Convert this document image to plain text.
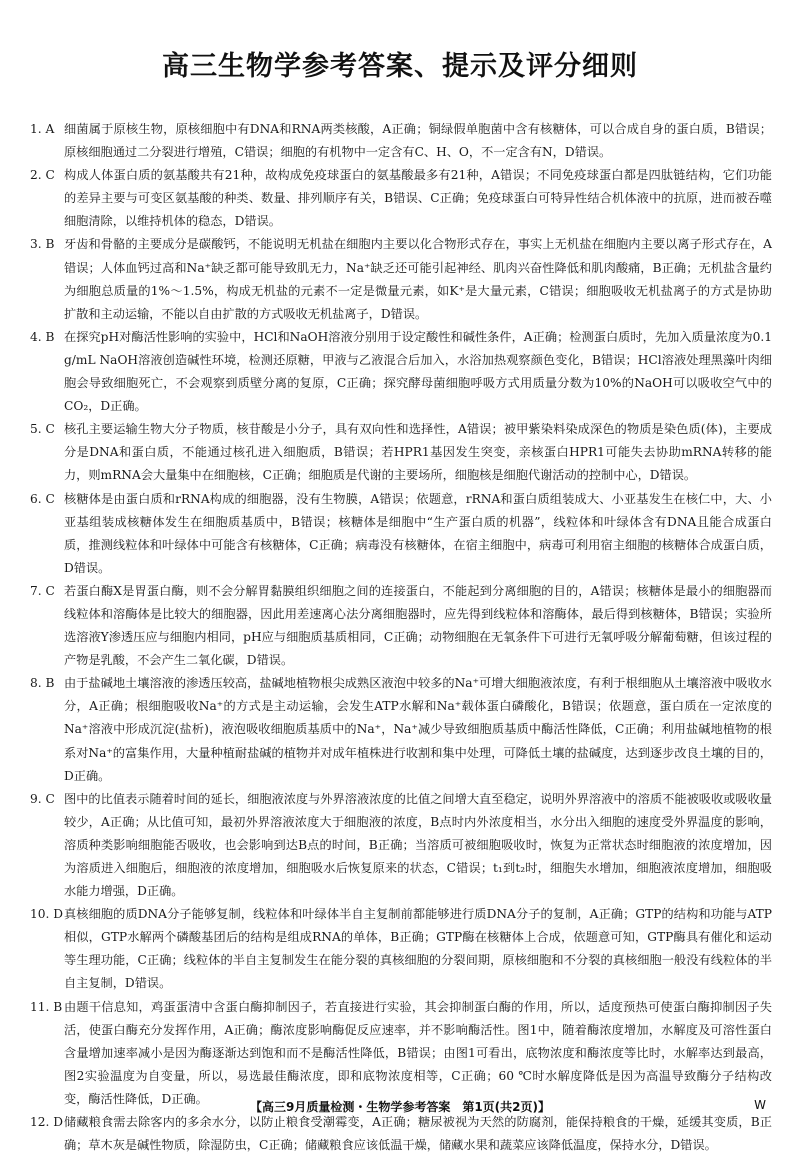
高三生物学参考答案、提示及评分细则

1. A 细菌属于原核生物，原核细胞中有DNA和RNA两类核酸，A正确；铜绿假单胞菌中含有核糖体，可以合成自身的蛋白质，B错误；原核细胞通过二分裂进行增殖，C错误；细胞的有机物中一定含有C、H、O，不一定含有N，D错误。

2. C 构成人体蛋白质的氨基酸共有21种，故构成免疫球蛋白的氨基酸最多有21种，A错误；不同免疫球蛋白都是四肽链结构，它们功能的差异主要与可变区氨基酸的种类、数量、排列顺序有关，B错误、C正确；免疫球蛋白可特异性结合机体液中的抗原，进而被吞噬细胞清除，以维持机体的稳态，D错误。

3. B 牙齿和骨骼的主要成分是碳酸钙，不能说明无机盐在细胞内主要以化合物形式存在，事实上无机盐在细胞内主要以离子形式存在，A错误；人体血钙过高和Na⁺缺乏都可能导致肌无力，Na⁺缺乏还可能引起神经、肌肉兴奋性降低和肌肉酸痛，B正确；无机盐含量约为细胞总质量的1%～1.5%，构成无机盐的元素不一定是微量元素，如K⁺是大量元素，C错误；细胞吸收无机盐离子的方式是协助扩散和主动运输，不能以自由扩散的方式吸收无机盐离子，D错误。

4. B 在探究pH对酶活性影响的实验中，HCl和NaOH溶液分别用于设定酸性和碱性条件，A正确；检测蛋白质时，先加入质量浓度为0.1 g/mL NaOH溶液创造碱性环境，检测还原糖，甲液与乙液混合后加入，水浴加热观察颜色变化，B错误；HCl溶液处理黑藻叶肉细胞会导致细胞死亡，不会观察到质壁分离的复原，C正确；探究酵母菌细胞呼吸方式用质量分数为10%的NaOH可以吸收空气中的CO₂，D正确。

5. C 核孔主要运输生物大分子物质，核苷酸是小分子，具有双向性和选择性，A错误；被甲紫染料染成深色的物质是染色质(体)，主要成分是DNA和蛋白质，不能通过核孔进入细胞质，B错误；若HPR1基因发生突变，亲核蛋白HPR1可能失去协助mRNA转移的能力，则mRNA会大量集中在细胞核，C正确；细胞质是代谢的主要场所，细胞核是细胞代谢活动的控制中心，D错误。

6. C 核糖体是由蛋白质和rRNA构成的细胞器，没有生物膜，A错误；依题意，rRNA和蛋白质组装成大、小亚基发生在核仁中，大、小亚基组装成核糖体发生在细胞质基质中，B错误；核糖体是细胞中“生产蛋白质的机器”，线粒体和叶绿体含有DNA且能合成蛋白质，推测线粒体和叶绿体中可能含有核糖体，C正确；病毒没有核糖体，在宿主细胞中，病毒可利用宿主细胞的核糖体合成蛋白质，D错误。

7. C 若蛋白酶X是胃蛋白酶，则不会分解胃黏膜组织细胞之间的连接蛋白，不能起到分离细胞的目的，A错误；核糖体是最小的细胞器而线粒体和溶酶体是比较大的细胞器，因此用差速离心法分离细胞器时，应先得到线粒体和溶酶体，最后得到核糖体，B错误；实验所选溶液Y渗透压应与细胞内相同，pH应与细胞质基质相同，C正确；动物细胞在无氧条件下可进行无氧呼吸分解葡萄糖，但该过程的产物是乳酸，不会产生二氧化碳，D错误。

8. B 由于盐碱地土壤溶液的渗透压较高，盐碱地植物根尖成熟区液泡中较多的Na⁺可增大细胞液浓度，有利于根细胞从土壤溶液中吸收水分，A正确；根细胞吸收Na⁺的方式是主动运输，会发生ATP水解和Na⁺载体蛋白磷酸化，B错误；依题意，蛋白质在一定浓度的Na⁺溶液中形成沉淀(盐析)，液泡吸收细胞质基质中的Na⁺，Na⁺减少导致细胞质基质中酶活性降低，C正确；利用盐碱地植物的根系对Na⁺的富集作用，大量种植耐盐碱的植物并对成年植株进行收割和集中处理，可降低土壤的盐碱度，达到逐步改良土壤的目的，D正确。

9. C 图中的比值表示随着时间的延长，细胞液浓度与外界溶液浓度的比值之间增大直至稳定，说明外界溶液中的溶质不能被吸收或吸收量较少，A正确；从比值可知，最初外界溶液浓度大于细胞液的浓度，B点时内外浓度相当，水分出入细胞的速度受外界温度的影响，溶质种类影响细胞能否吸收，也会影响到达B点的时间，B正确；当溶质可被细胞吸收时，恢复为正常状态时细胞液的浓度增加，因为溶质进入细胞后，细胞液的浓度增加，细胞吸水后恢复原来的状态，C错误；t₁到t₂时，细胞失水增加，细胞液浓度增加，细胞吸水能力增强，D正确。

10. D 真核细胞的质DNA分子能够复制，线粒体和叶绿体半自主复制前都能够进行质DNA分子的复制，A正确；GTP的结构和功能与ATP相似，GTP水解两个磷酸基团后的结构是组成RNA的单体，B正确；GTP酶在核糖体上合成，依题意可知，GTP酶具有催化和运动等生理功能，C正确；线粒体的半自主复制发生在能分裂的真核细胞的分裂间期，原核细胞和不分裂的真核细胞一般没有线粒体的半自主复制，D错误。

11. B 由题干信息知，鸡蛋蛋清中含蛋白酶抑制因子，若直接进行实验，其会抑制蛋白酶的作用，所以，适度预热可使蛋白酶抑制因子失活，使蛋白酶充分发挥作用，A正确；酶浓度影响酶促反应速率，并不影响酶活性。图1中，随着酶浓度增加，水解度及可溶性蛋白含量增加速率减小是因为酶逐渐达到饱和而不是酶活性降低，B错误；由图1可看出，底物浓度和酶浓度等比时，水解率达到最高，图2实验温度为自变量，所以，易选最佳酶浓度，即和底物浓度相等，C正确；60 ℃时水解度降低是因为高温导致酶分子结构改变，酶活性降低，D正确。

12. D 储藏粮食需去除客内的多余水分，以防止粮食受潮霉变，A正确；糖尿被视为天然的防腐剂，能保持粮食的干燥，延缓其变质，B正确；草木灰是碱性物质，除湿防虫，C正确；储藏粮食应该低温干燥，储藏水果和蔬菜应该降低温度，保持水分，D错误。

【高三9月质量检测・生物学参考答案　第1页(共2页)】	W
